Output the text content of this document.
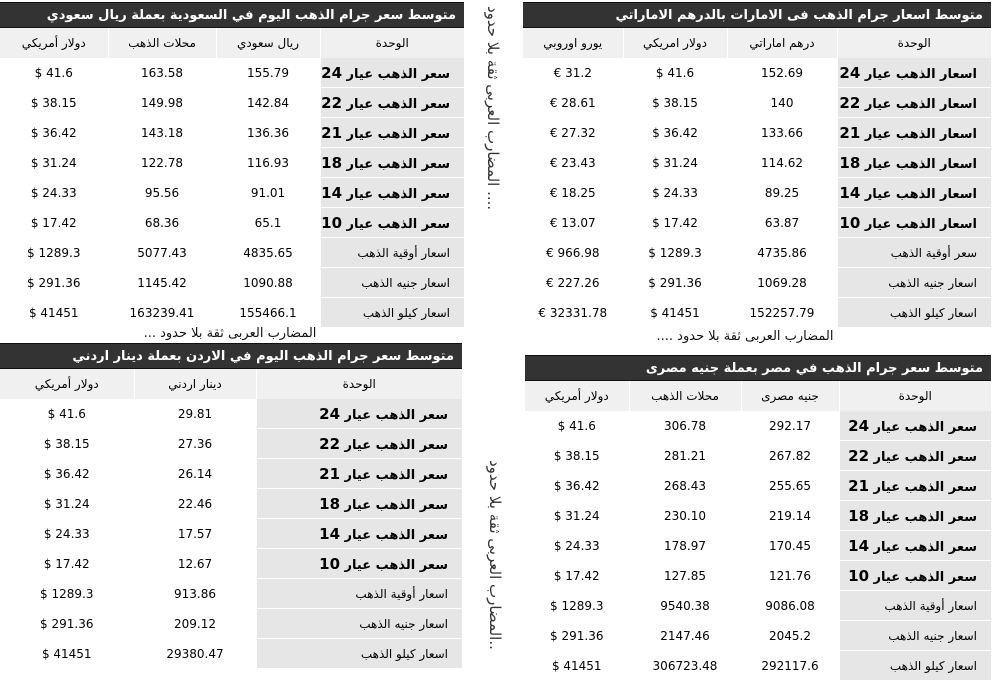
متوسط سعر جرام الذهب اليوم في السعودية بعملة ريال سعودي
دولار أمريكي	محلات الذهب	ريال سعودي	الوحدة
$ 41.6	163.58	155.79	سعر الذهب عيار 24
$ 38.15	149.98	142.84	سعر الذهب عيار 22
$ 36.42	143.18	136.36	سعر الذهب عيار 21
$ 31.24	122.78	116.93	سعر الذهب عيار 18
$ 24.33	95.56	91.01	سعر الذهب عيار 14
$ 17.42	68.36	65.1	سعر الذهب عيار 10
$ 1289.3	5077.43	4835.65	اسعار أوقية الذهب
$ 291.36	1145.42	1090.88	اسعار جنيه الذهب
$ 41451	163239.41	155466.1	اسعار كيلو الذهب
متوسط اسعار جرام الذهب فى الامارات بالدرهم الاماراتي
يورو اوروبي	دولار امريكي	درهم اماراتي	الوحدة
€ 31.2	$ 41.6	152.69	اسعار الذهب عيار 24
€ 28.61	$ 38.15	140	اسعار الذهب عيار 22
€ 27.32	$ 36.42	133.66	اسعار الذهب عيار 21
€ 23.43	$ 31.24	114.62	اسعار الذهب عيار 18
€ 18.25	$ 24.33	89.25	اسعار الذهب عيار 14
€ 13.07	$ 17.42	63.87	اسعار الذهب عيار 10
€ 966.98	$ 1289.3	4735.86	سعر أوقية الذهب
€ 227.26	$ 291.36	1069.28	اسعار جنيه الذهب
€ 32331.78	$ 41451	152257.79	اسعار كيلو الذهب
متوسط سعر جرام الذهب اليوم في الاردن بعملة دينار اردني
دولار أمريكي	دينار اردني	الوحدة
$ 41.6	29.81	سعر الذهب عيار 24
$ 38.15	27.36	سعر الذهب عيار 22
$ 36.42	26.14	سعر الذهب عيار 21
$ 31.24	22.46	سعر الذهب عيار 18
$ 24.33	17.57	سعر الذهب عيار 14
$ 17.42	12.67	سعر الذهب عيار 10
$ 1289.3	913.86	اسعار أوقية الذهب
$ 291.36	209.12	اسعار جنيه الذهب
$ 41451	29380.47	اسعار كيلو الذهب
متوسط سعر جرام الذهب في مصر بعملة جنيه مصرى
دولار أمريكي	محلات الذهب	جنيه مصرى	الوحدة
$ 41.6	306.78	292.17	سعر الذهب عيار 24
$ 38.15	281.21	267.82	سعر الذهب عيار 22
$ 36.42	268.43	255.65	سعر الذهب عيار 21
$ 31.24	230.10	219.14	سعر الذهب عيار 18
$ 24.33	178.97	170.45	سعر الذهب عيار 14
$ 17.42	127.85	121.76	سعر الذهب عيار 10
$ 1289.3	9540.38	9086.08	اسعار أوقية الذهب
$ 291.36	2147.46	2045.2	اسعار جنيه الذهب
$ 41451	306723.48	292117.6	اسعار كيلو الذهب
المضارب العربى ثقة بلا حدود ...	المضارب العربى ثقة بلا حدود ....
المضارب العربى ثقة بلا حدود ....
المضارب العربى ثقة بلا حدود..
